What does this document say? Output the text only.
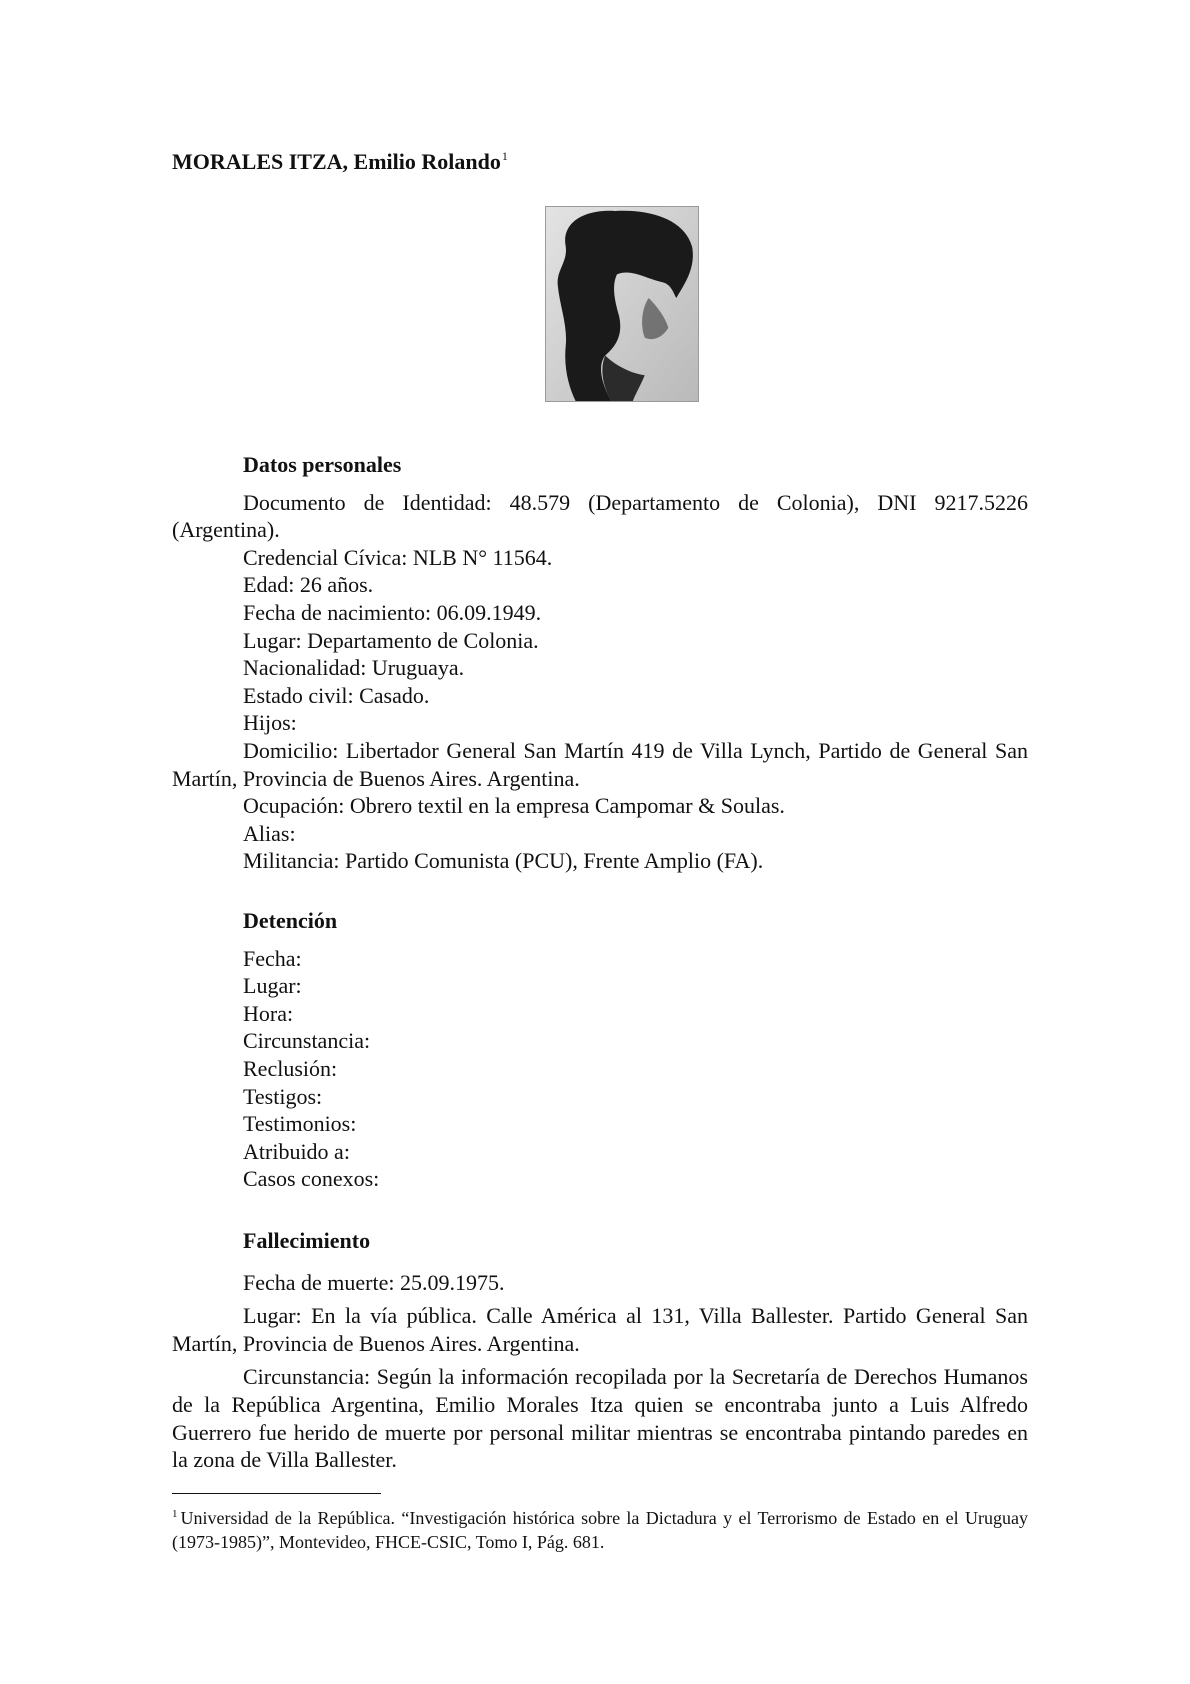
MORALES ITZA, Emilio Rolando$^1$
Datos personales
Documento de Identidad: 48.579 (Departamento de Colonia), DNI 9217.5226 (Argentina).
Credencial Cívica: NLB N° 11564.
Edad: 26 años.
Fecha de nacimiento: 06.09.1949.
Lugar: Departamento de Colonia.
Nacionalidad: Uruguaya.
Estado civil: Casado.
Hijos:
Domicilio: Libertador General San Martín 419 de Villa Lynch, Partido de General San Martín, Provincia de Buenos Aires. Argentina.
Ocupación: Obrero textil en la empresa Campomar & Soulas.
Alias:
Militancia: Partido Comunista (PCU), Frente Amplio (FA).
Detención
Fecha:
Lugar:
Hora:
Circunstancia:
Reclusión:
Testigos:
Testimonios:
Atribuido a:
Casos conexos:
Fallecimiento
Fecha de muerte: 25.09.1975.
Lugar: En la vía pública. Calle América al 131, Villa Ballester. Partido General San Martín, Provincia de Buenos Aires. Argentina.
Circunstancia: Según la información recopilada por la Secretaría de Derechos Humanos de la República Argentina, Emilio Morales Itza quien se encontraba junto a Luis Alfredo Guerrero fue herido de muerte por personal militar mientras se encontraba pintando paredes en la zona de Villa Ballester.
$^1$ Universidad de la República. “Investigación histórica sobre la Dictadura y el Terrorismo de Estado en el Uruguay (1973-1985)”, Montevideo, FHCE-CSIC, Tomo I, Pág. 681.
